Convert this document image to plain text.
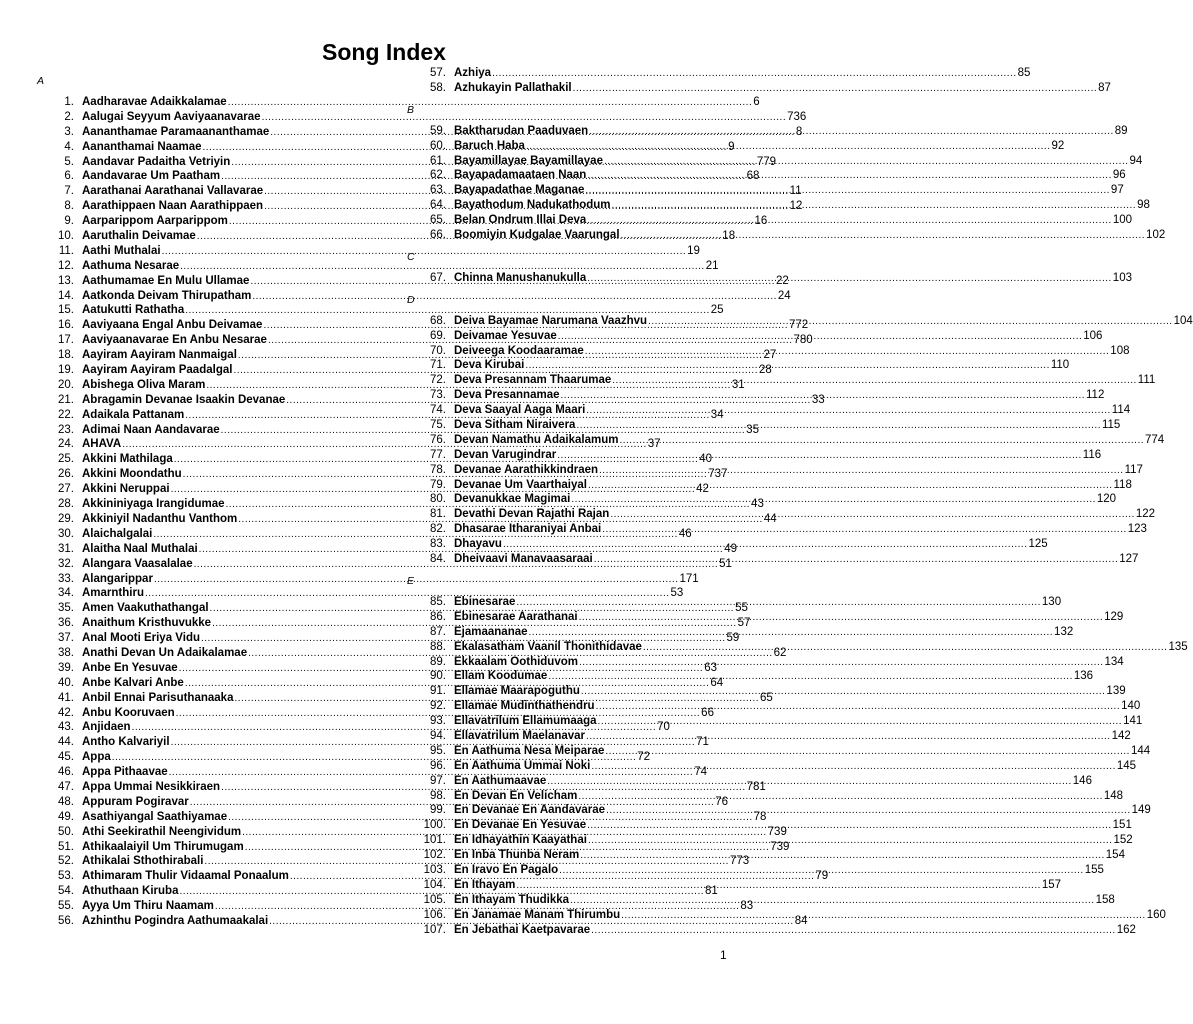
Song Index
A
1. Aadharavae Adaikkalamae .....	6
2. Aalugai Seyyum Aaviyaanavarae .....	736
3. Aananthamae Paramaananthamae .....	8
4. Aananthamai Naamae .....	9
5. Aandavar Padaitha Vetriyin .....	779
6. Aandavarae Um Paatham .....	68
7. Aarathanai Aarathanai Vallavarae .....	11
8. Aarathippaen Naan Aarathippaen .....	12
9. Aarparippom Aarparippom .....	16
10. Aaruthalin Deivamae .....	18
11. Aathi Muthalai .....	19
12. Aathuma Nesarae .....	21
13. Aathumamae En Mulu Ullamae .....	22
14. Aatkonda Deivam Thirupatham .....	24
15. Aatukutti Rathatha .....	25
16. Aaviyaana Engal Anbu Deivamae .....	772
17. Aaviyaanavarae En Anbu Nesarae .....	780
18. Aayiram Aayiram Nanmaigal .....	27
19. Aayiram Aayiram Paadalgal .....	28
20. Abishega Oliva Maram .....	31
21. Abragamin Devanae Isaakin Devanae .....	33
22. Adaikala Pattanam .....	34
23. Adimai Naan Aandavarae .....	35
24. AHAVA .....	37
25. Akkini Mathilaga .....	40
26. Akkini Moondathu .....	737
27. Akkini Neruppai .....	42
28. Akkininiyaga Irangidumae .....	43
29. Akkiniyil Nadanthu Vanthom .....	44
30. Alaichalgalai .....	46
31. Alaitha Naal Muthalai .....	49
32. Alangara Vaasalalae .....	51
33. Alangarippar .....	171
34. Amarnthiru .....	53
35. Amen Vaakuthathangal .....	55
36. Anaithum Kristhuvukke .....	57
37. Anal Mooti Eriya Vidu .....	59
38. Anathi Devan Un Adaikalamae .....	62
39. Anbe En Yesuvae .....	63
40. Anbe Kalvari Anbe .....	64
41. Anbil Ennai Parisuthanaaka .....	65
42. Anbu Kooruvaen .....	66
43. Anjidaen .....	70
44. Antho Kalvariyil .....	71
45. Appa .....	72
46. Appa Pithaavae .....	74
47. Appa Ummai Nesikkiraen .....	781
48. Appuram Pogiravar .....	76
49. Asathiyangal Saathiyamae .....	78
50. Athi Seekirathil Neengividum .....	739
51. Athikaalaiyil Um Thirumugam .....	739
52. Athikalai Sthothirabali .....	773
53. Athimaram Thulir Vidaamal Ponaalum .....	79
54. Athuthaan Kiruba .....	81
55. Ayya Um Thiru Naamam .....	83
56. Azhinthu Pogindra Aathumaakalai .....	84
57. Azhiya .....	85
58. Azhukayin Pallathakil .....	87
B
59. Baktharudan Paaduvaen .....	89
60. Baruch Haba .....	92
61. Bayamillayae Bayamillayae .....	94
62. Bayapadamaataen Naan .....	96
63. Bayapadathae Maganae .....	97
64. Bayathodum Nadukathodum .....	98
65. Belan Ondrum Illai Deva .....	100
66. Boomiyin Kudgalae Vaarungal .....	102
C
67. Chinna Manushanukulla .....	103
D
68. Deiva Bayamae Narumana Vaazhvu .....	104
69. Deivamae Yesuvae .....	106
70. Deiveega Koodaaramae .....	108
71. Deva Kirubai .....	110
72. Deva Presannam Thaarumae .....	111
73. Deva Presannamae .....	112
74. Deva Saayal Aaga Maari .....	114
75. Deva Sitham Niraivera .....	115
76. Devan Namathu Adaikalamum .....	774
77. Devan Varugindrar .....	116
78. Devanae Aarathikkindraen .....	117
79. Devanae Um Vaarthaiyal .....	118
80. Devanukkae Magimai .....	120
81. Devathi Devan Rajathi Rajan .....	122
82. Dhasarae Itharaniyai Anbai .....	123
83. Dhayavu .....	125
84. Dheivaavi Manavaasaraai .....	127
E
85. Ebinesarae .....	130
86. Ebinesarae Aarathanai .....	129
87. Ejamaananae .....	132
88. Ekalasatham Vaanil Thonithidavae .....	135
89. Ekkaalam Oothiduvom .....	134
90. Ellam Koodumae .....	136
91. Ellamae Maarapoguthu .....	139
92. Ellamae Mudinthathendru .....	140
93. Ellavatrilum Ellamumaaga .....	141
94. Ellavatrilum Maelanavar .....	142
95. En Aathuma Nesa Meiparae .....	144
96. En Aathuma Ummai Noki .....	145
97. En Aathumaavae .....	146
98. En Devan En Velicham .....	148
99. En Devanae En Aandavarae .....	149
100. En Devanae En Yesuvae .....	151
101. En Idhayathin Kaayathai .....	152
102. En Inba Thunba Neram .....	154
103. En Iravo En Pagalo .....	155
104. En Ithayam .....	157
105. En Ithayam Thudikka .....	158
106. En Janamae Manam Thirumbu .....	160
107. En Jebathai Kaetpavarae .....	162
1
